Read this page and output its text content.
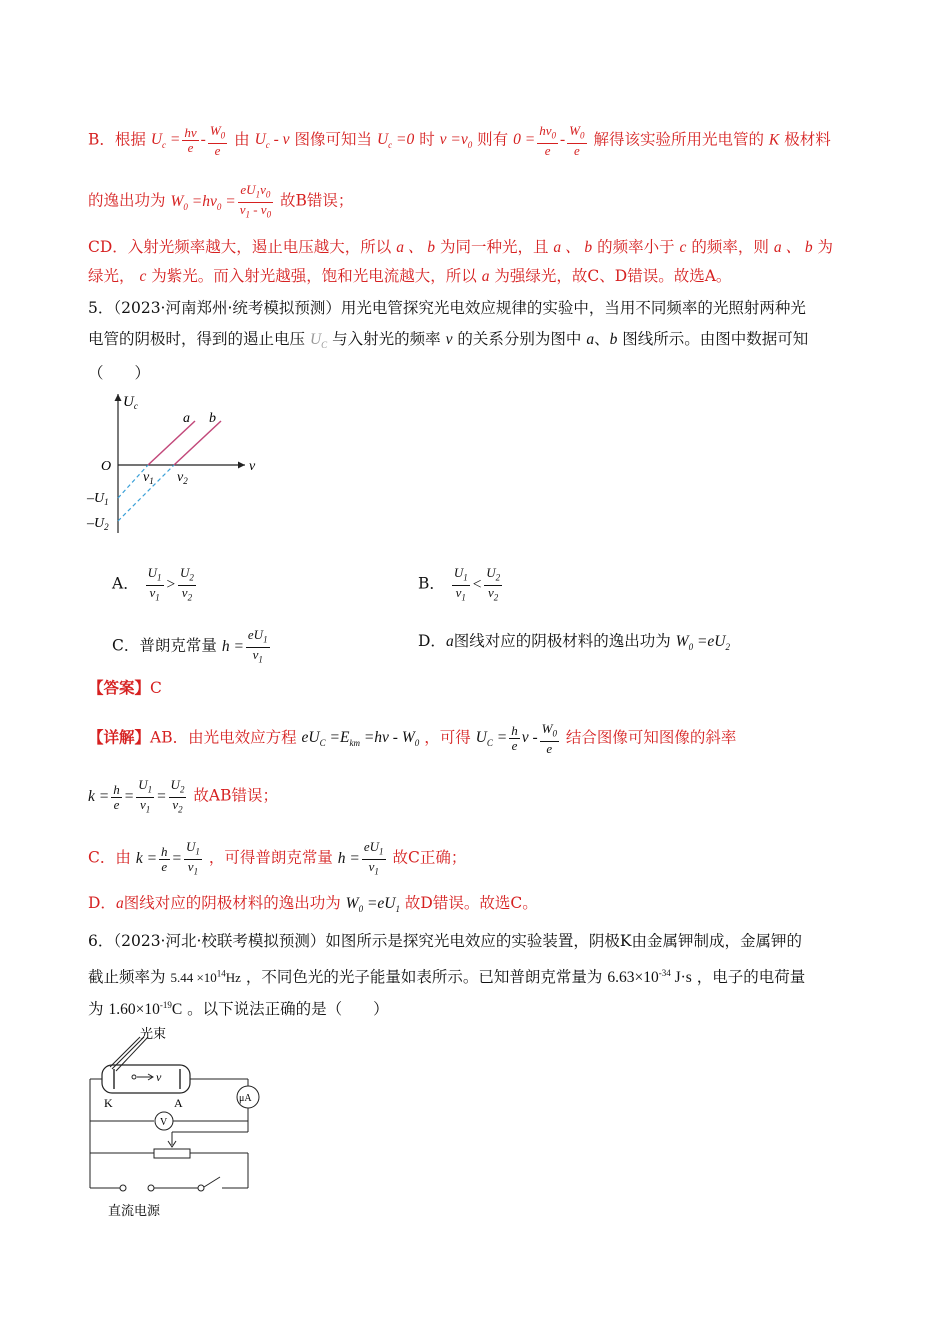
B．根据 $U_c = \frac{h\nu}{e} - \frac{W_0}{e}$ 由 $U_c$ - ν 图像可知当 $U_c =0$ 时 $\nu =\nu_0$ 则有 $0 = \frac{h\nu_0}{e} - \frac{W_0}{e}$ 解得该实验所用光电管的 K 极材料
的逸出功为 $W_0 =h\nu_0 = \frac{eU_1\nu_0}{\nu_1 - \nu_0}$ 故B错误；
CD．入射光频率越大，遏止电压越大，所以 a 、 b 为同一种光，且 a 、 b 的频率小于 c 的频率，则 a 、 b 为
绿光， c 为紫光。而入射光越强，饱和光电流越大，所以 a 为强绿光，故C、D错误。故选A。
5．（2023·河南郑州·统考模拟预测）用光电管探究光电效应规律的实验中，当用不同频率的光照射两种光
电管的阴极时，得到的遏止电压 $U_C$ 与入射光的频率 ν 的关系分别为图中 a、b 图线所示。由图中数据可知
（　　）
$U_c$
a b
O	ν
$\nu_1$ $\nu_2$
$-U_1$
$-U_2$
A． $\frac{U_1}{\nu_1} > \frac{U_2}{\nu_2}$	B． $\frac{U_1}{\nu_1} < \frac{U_2}{\nu_2}$
C．普朗克常量 $h = \frac{eU_1}{\nu_1}$	D．a图线对应的阴极材料的逸出功为 $W_0 =eU_2$
【答案】C
【详解】AB．由光电效应方程 $eU_C =E_{km} =h\nu - W_0$ ，可得 $U_C = \frac{h}{e}$ ν - $\frac{W_0}{e}$ 结合图像可知图像的斜率
$k = \frac{h}{e} = \frac{U_1}{\nu_1} = \frac{U_2}{\nu_2}$ 故AB错误；
C．由 $k = \frac{h}{e} = \frac{U_1}{\nu_1}$ ，可得普朗克常量 $h = \frac{eU_1}{\nu_1}$ 故C正确；
D．a图线对应的阴极材料的逸出功为 $W_0 =eU_1$ 故D错误。故选C。
6．（2023·河北·校联考模拟预测）如图所示是探究光电效应的实验装置，阴极K由金属钾制成，金属钾的
截止频率为 $5.44 \times 10^{14}Hz$ ，不同色光的光子能量如表所示。已知普朗克常量为 $6.63\times 10^{-34}$ J·s ，电子的电荷量
为 $1.60\times 10^{-19}C$ 。以下说法正确的是（　　）
v
光束
K	A	μA
V
直流电源
